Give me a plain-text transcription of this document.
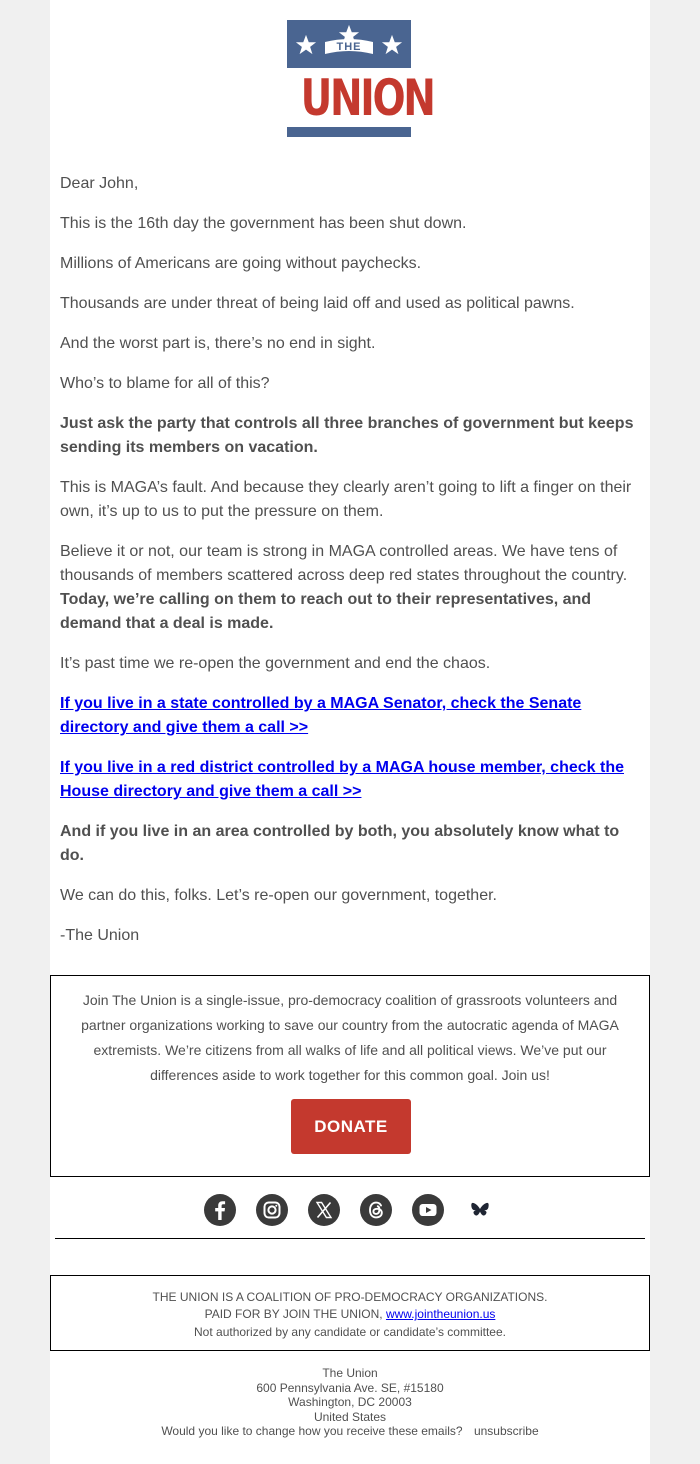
THE
UNION

Dear John,

This is the 16th day the government has been shut down.

Millions of Americans are going without paychecks.

Thousands are under threat of being laid off and used as political pawns.

And the worst part is, there’s no end in sight.

Who’s to blame for all of this?

Just ask the party that controls all three branches of government but keeps sending its members on vacation.

This is MAGA’s fault. And because they clearly aren’t going to lift a finger on their own, it’s up to us to put the pressure on them.

Believe it or not, our team is strong in MAGA controlled areas. We have tens of thousands of members scattered across deep red states throughout the country. Today, we’re calling on them to reach out to their representatives, and demand that a deal is made.

It’s past time we re-open the government and end the chaos.

If you live in a state controlled by a MAGA Senator, check the Senate directory and give them a call >>

If you live in a red district controlled by a MAGA house member, check the House directory and give them a call >>

And if you live in an area controlled by both, you absolutely know what to do.

We can do this, folks. Let’s re-open our government, together.

-The Union

Join The Union is a single-issue, pro-democracy coalition of grassroots volunteers and partner organizations working to save our country from the autocratic agenda of MAGA extremists. We’re citizens from all walks of life and all political views. We’ve put our differences aside to work together for this common goal. Join us!
DONATE
THE UNION IS A COALITION OF PRO-DEMOCRACY ORGANIZATIONS.
PAID FOR BY JOIN THE UNION, www.jointheunion.us
Not authorized by any candidate or candidate’s committee.
The Union
600 Pennsylvania Ave. SE, #15180
Washington, DC 20003
United States
Would you like to change how you receive these emails? unsubscribe
